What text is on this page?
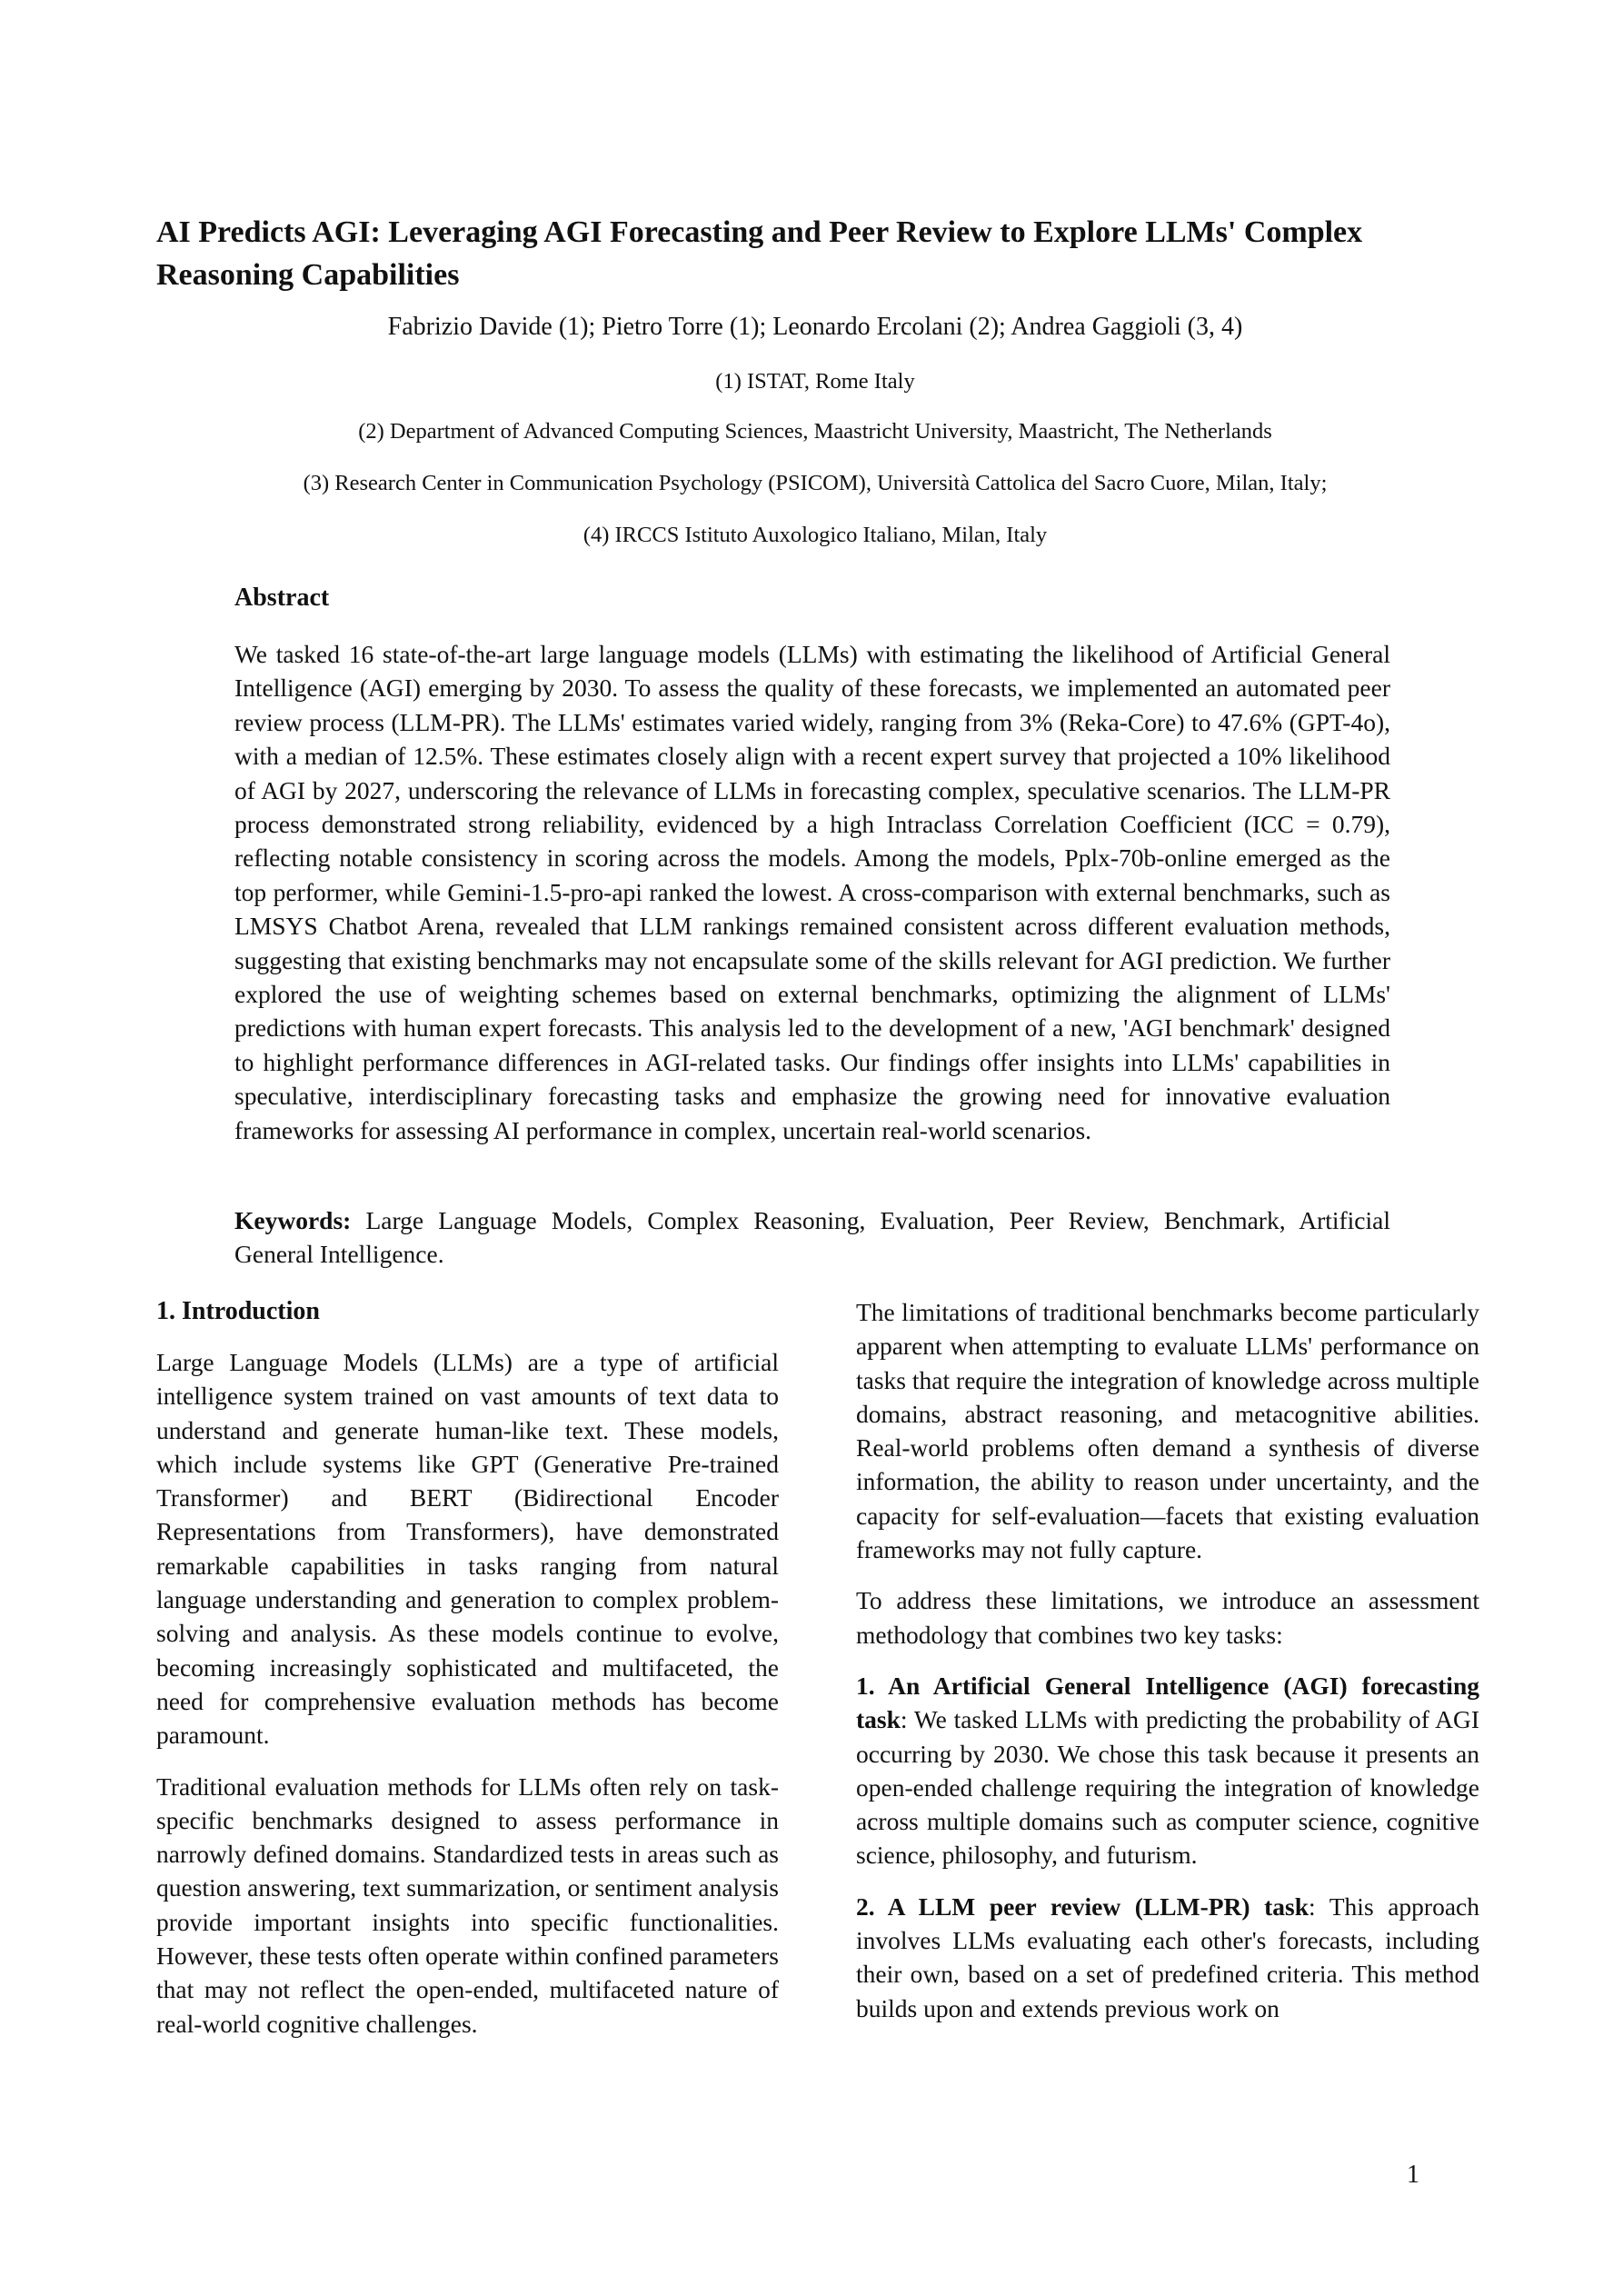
AI Predicts AGI: Leveraging AGI Forecasting and Peer Review to Explore LLMs' Complex Reasoning Capabilities
Fabrizio Davide (1); Pietro Torre (1); Leonardo Ercolani (2); Andrea Gaggioli (3, 4)
(1) ISTAT, Rome Italy
(2) Department of Advanced Computing Sciences, Maastricht University, Maastricht, The Netherlands
(3) Research Center in Communication Psychology (PSICOM), Università Cattolica del Sacro Cuore, Milan, Italy;
(4) IRCCS Istituto Auxologico Italiano, Milan, Italy
Abstract

We tasked 16 state-of-the-art large language models (LLMs) with estimating the likelihood of Artificial General Intelligence (AGI) emerging by 2030. To assess the quality of these forecasts, we implemented an automated peer review process (LLM-PR). The LLMs' estimates varied widely, ranging from 3% (Reka-Core) to 47.6% (GPT-4o), with a median of 12.5%. These estimates closely align with a recent expert survey that projected a 10% likelihood of AGI by 2027, underscoring the relevance of LLMs in forecasting complex, speculative scenarios. The LLM-PR process demonstrated strong reliability, evidenced by a high Intraclass Correlation Coefficient (ICC = 0.79), reflecting notable consistency in scoring across the models. Among the models, Pplx-70b-online emerged as the top performer, while Gemini-1.5-pro-api ranked the lowest. A cross-comparison with external benchmarks, such as LMSYS Chatbot Arena, revealed that LLM rankings remained consistent across different evaluation methods, suggesting that existing benchmarks may not encapsulate some of the skills relevant for AGI prediction. We further explored the use of weighting schemes based on external benchmarks, optimizing the alignment of LLMs' predictions with human expert forecasts. This analysis led to the development of a new, 'AGI benchmark' designed to highlight performance differences in AGI-related tasks. Our findings offer insights into LLMs' capabilities in speculative, interdisciplinary forecasting tasks and emphasize the growing need for innovative evaluation frameworks for assessing AI performance in complex, uncertain real-world scenarios.

Keywords: Large Language Models, Complex Reasoning, Evaluation, Peer Review, Benchmark, Artificial General Intelligence.

1. Introduction

Large Language Models (LLMs) are a type of artificial intelligence system trained on vast amounts of text data to understand and generate human-like text. These models, which include systems like GPT (Generative Pre-trained Transformer) and BERT (Bidirectional Encoder Representations from Transformers), have demonstrated remarkable capabilities in tasks ranging from natural language understanding and generation to complex problem-solving and analysis. As these models continue to evolve, becoming increasingly sophisticated and multifaceted, the need for comprehensive evaluation methods has become paramount.

Traditional evaluation methods for LLMs often rely on task-specific benchmarks designed to assess performance in narrowly defined domains. Standardized tests in areas such as question answering, text summarization, or sentiment analysis provide important insights into specific functionalities. However, these tests often operate within confined parameters that may not reflect the open-ended, multifaceted nature of real-world cognitive challenges.

The limitations of traditional benchmarks become particularly apparent when attempting to evaluate LLMs' performance on tasks that require the integration of knowledge across multiple domains, abstract reasoning, and metacognitive abilities. Real-world problems often demand a synthesis of diverse information, the ability to reason under uncertainty, and the capacity for self-evaluation—facets that existing evaluation frameworks may not fully capture.

To address these limitations, we introduce an assessment methodology that combines two key tasks:

1. An Artificial General Intelligence (AGI) forecasting task: We tasked LLMs with predicting the probability of AGI occurring by 2030. We chose this task because it presents an open-ended challenge requiring the integration of knowledge across multiple domains such as computer science, cognitive science, philosophy, and futurism.

2. A LLM peer review (LLM-PR) task: This approach involves LLMs evaluating each other's forecasts, including their own, based on a set of predefined criteria. This method builds upon and extends previous work on

1
